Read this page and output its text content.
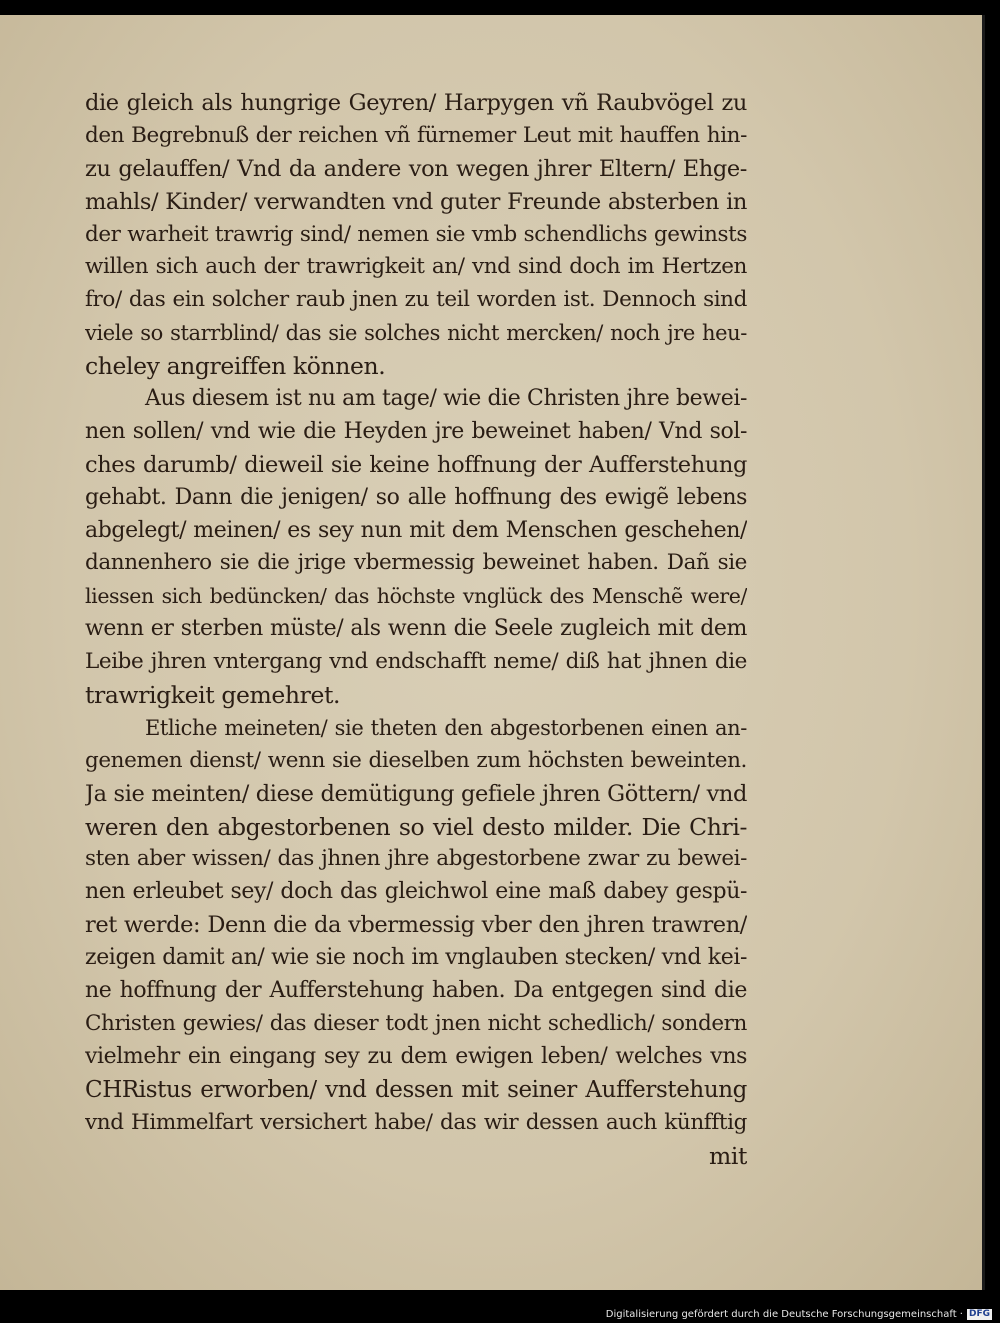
die gleich als hungrige Geyren/ Harpygen vñ Raubvögel zu
den Begrebnuß der reichen vñ fürnemer Leut mit hauffen hin-
zu gelauffen/ Vnd da andere von wegen jhrer Eltern/ Ehge-
mahls/ Kinder/ verwandten vnd guter Freunde absterben in
der warheit trawrig sind/ nemen sie vmb schendlichs gewinsts
willen sich auch der trawrigkeit an/ vnd sind doch im Hertzen
fro/ das ein solcher raub jnen zu teil worden ist. Dennoch sind
viele so starrblind/ das sie solches nicht mercken/ noch jre heu-
cheley angreiffen können.
Aus diesem ist nu am tage/ wie die Christen jhre bewei-
nen sollen/ vnd wie die Heyden jre beweinet haben/ Vnd sol-
ches darumb/ dieweil sie keine hoffnung der Aufferstehung
gehabt. Dann die jenigen/ so alle hoffnung des ewigẽ lebens
abgelegt/ meinen/ es sey nun mit dem Menschen geschehen/
dannenhero sie die jrige vbermessig beweinet haben. Dañ sie
liessen sich bedüncken/ das höchste vnglück des Menschẽ were/
wenn er sterben müste/ als wenn die Seele zugleich mit dem
Leibe jhren vntergang vnd endschafft neme/ diß hat jhnen die
trawrigkeit gemehret.
Etliche meineten/ sie theten den abgestorbenen einen an-
genemen dienst/ wenn sie dieselben zum höchsten beweinten.
Ja sie meinten/ diese demütigung gefiele jhren Göttern/ vnd
weren den abgestorbenen so viel desto milder. Die Chri-
sten aber wissen/ das jhnen jhre abgestorbene zwar zu bewei-
nen erleubet sey/ doch das gleichwol eine maß dabey gespü-
ret werde: Denn die da vbermessig vber den jhren trawren/
zeigen damit an/ wie sie noch im vnglauben stecken/ vnd kei-
ne hoffnung der Aufferstehung haben. Da entgegen sind die
Christen gewies/ das dieser todt jnen nicht schedlich/ sondern
vielmehr ein eingang sey zu dem ewigen leben/ welches vns
CHRistus erworben/ vnd dessen mit seiner Aufferstehung
vnd Himmelfart versichert habe/ das wir dessen auch künfftig
mit
Digitalisierung gefördert durch die Deutsche Forschungsgemeinschaft · DFG
